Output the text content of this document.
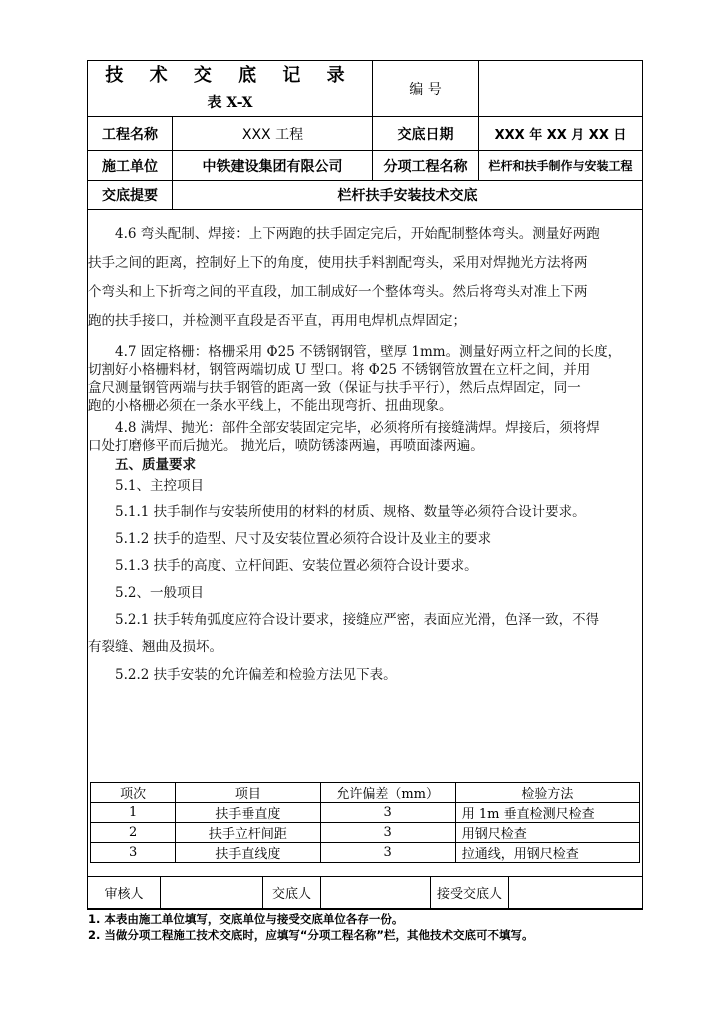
技 术 交 底 记 录
表 X-X
编 号
工程名称	XXX 工程	交底日期	XXX 年 XX 月 XX 日
施工单位	中铁建设集团有限公司	分项工程名称	栏杆和扶手制作与安装工程
交底提要	栏杆扶手安装技术交底
　　4.6 弯头配制、焊接：上下两跑的扶手固定完后，开始配制整体弯头。测量好两跑
扶手之间的距离，控制好上下的角度，使用扶手料割配弯头，采用对焊抛光方法将两
个弯头和上下折弯之间的平直段，加工制成好一个整体弯头。然后将弯头对准上下两
跑的扶手接口，并检测平直段是否平直，再用电焊机点焊固定；
　　4.7 固定格栅：格栅采用 Φ25 不锈钢钢管，壁厚 1mm。测量好两立杆之间的长度，
切割好小格栅料材，钢管两端切成 U 型口。将 Φ25 不锈钢管放置在立杆之间，并用
盒尺测量钢管两端与扶手钢管的距离一致（保证与扶手平行），然后点焊固定，同一
跑的小格栅必须在一条水平线上，不能出现弯折、扭曲现象。
　　4.8 满焊、抛光：部件全部安装固定完毕，必须将所有接缝满焊。焊接后，须将焊
口处打磨修平而后抛光。 抛光后，喷防锈漆两遍，再喷面漆两遍。
　　五、质量要求
　　5.1、主控项目
　　5.1.1 扶手制作与安装所使用的材料的材质、规格、数量等必须符合设计要求。
　　5.1.2 扶手的造型、尺寸及安装位置必须符合设计及业主的要求
　　5.1.3 扶手的高度、立杆间距、安装位置必须符合设计要求。
　　5.2、一般项目
　　5.2.1 扶手转角弧度应符合设计要求，接缝应严密，表面应光滑，色泽一致，不得
有裂缝、翘曲及损坏。
　　5.2.2 扶手安装的允许偏差和检验方法见下表。
项次	项目	允许偏差（mm）	检验方法
1	扶手垂直度	3	用 1m 垂直检测尺检查
2	扶手立杆间距	3	用钢尺检查
3	扶手直线度	3	拉通线，用钢尺检查
审核人	交底人	接受交底人
1. 本表由施工单位填写，交底单位与接受交底单位各存一份。
2. 当做分项工程施工技术交底时，应填写“分项工程名称”栏，其他技术交底可不填写。
